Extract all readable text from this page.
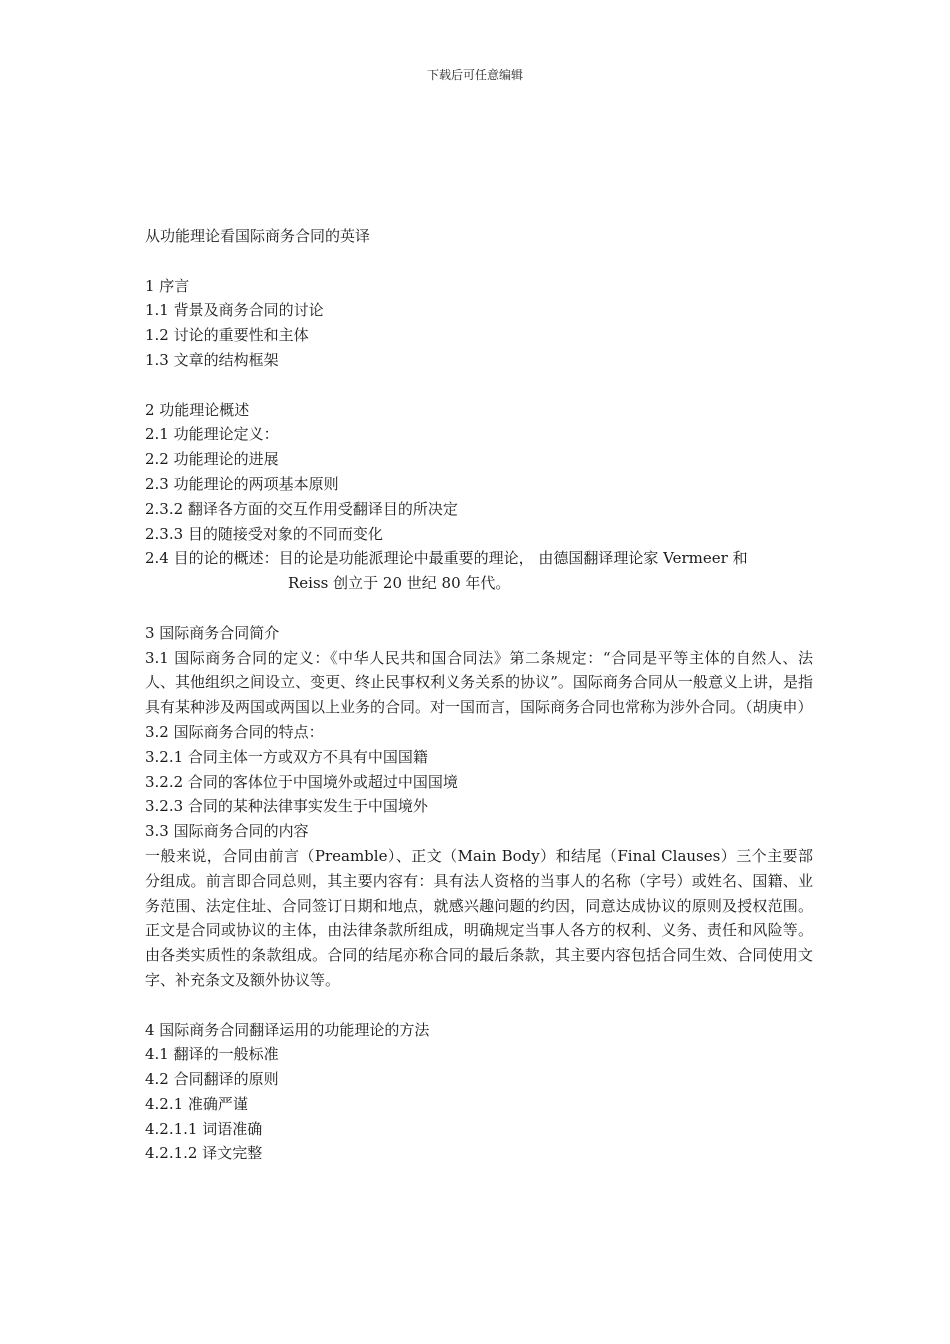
下载后可任意编辑
从功能理论看国际商务合同的英译
1 序言
1.1 背景及商务合同的讨论
1.2 讨论的重要性和主体
1.3 文章的结构框架
2 功能理论概述
2.1 功能理论定义：
2.2 功能理论的进展
2.3 功能理论的两项基本原则
2.3.2 翻译各方面的交互作用受翻译目的所决定
2.3.3 目的随接受对象的不同而变化
2.4 目的论的概述：目的论是功能派理论中最重要的理论， 由德国翻译理论家 Vermeer 和
Reiss 创立于 20 世纪 80 年代。
3 国际商务合同简介
3.1 国际商务合同的定义：《中华人民共和国合同法》第二条规定：“合同是平等主体的自然人、法人、其他组织之间设立、变更、终止民事权利义务关系的协议”。国际商务合同从一般意义上讲，是指具有某种涉及两国或两国以上业务的合同。对一国而言，国际商务合同也常称为涉外合同。（胡庚申）
3.2 国际商务合同的特点：
3.2.1 合同主体一方或双方不具有中国国籍
3.2.2 合同的客体位于中国境外或超过中国国境
3.2.3 合同的某种法律事实发生于中国境外
3.3 国际商务合同的内容
一般来说，合同由前言（Preamble）、正文（Main Body）和结尾（Final Clauses）三个主要部分组成。前言即合同总则，其主要内容有：具有法人资格的当事人的名称（字号）或姓名、国籍、业务范围、法定住址、合同签订日期和地点，就感兴趣问题的约因，同意达成协议的原则及授权范围。正文是合同或协议的主体，由法律条款所组成，明确规定当事人各方的权利、义务、责任和风险等。由各类实质性的条款组成。合同的结尾亦称合同的最后条款，其主要内容包括合同生效、合同使用文字、补充条文及额外协议等。
4 国际商务合同翻译运用的功能理论的方法
4.1 翻译的一般标准
4.2 合同翻译的原则
4.2.1 准确严谨
4.2.1.1 词语准确
4.2.1.2 译文完整
